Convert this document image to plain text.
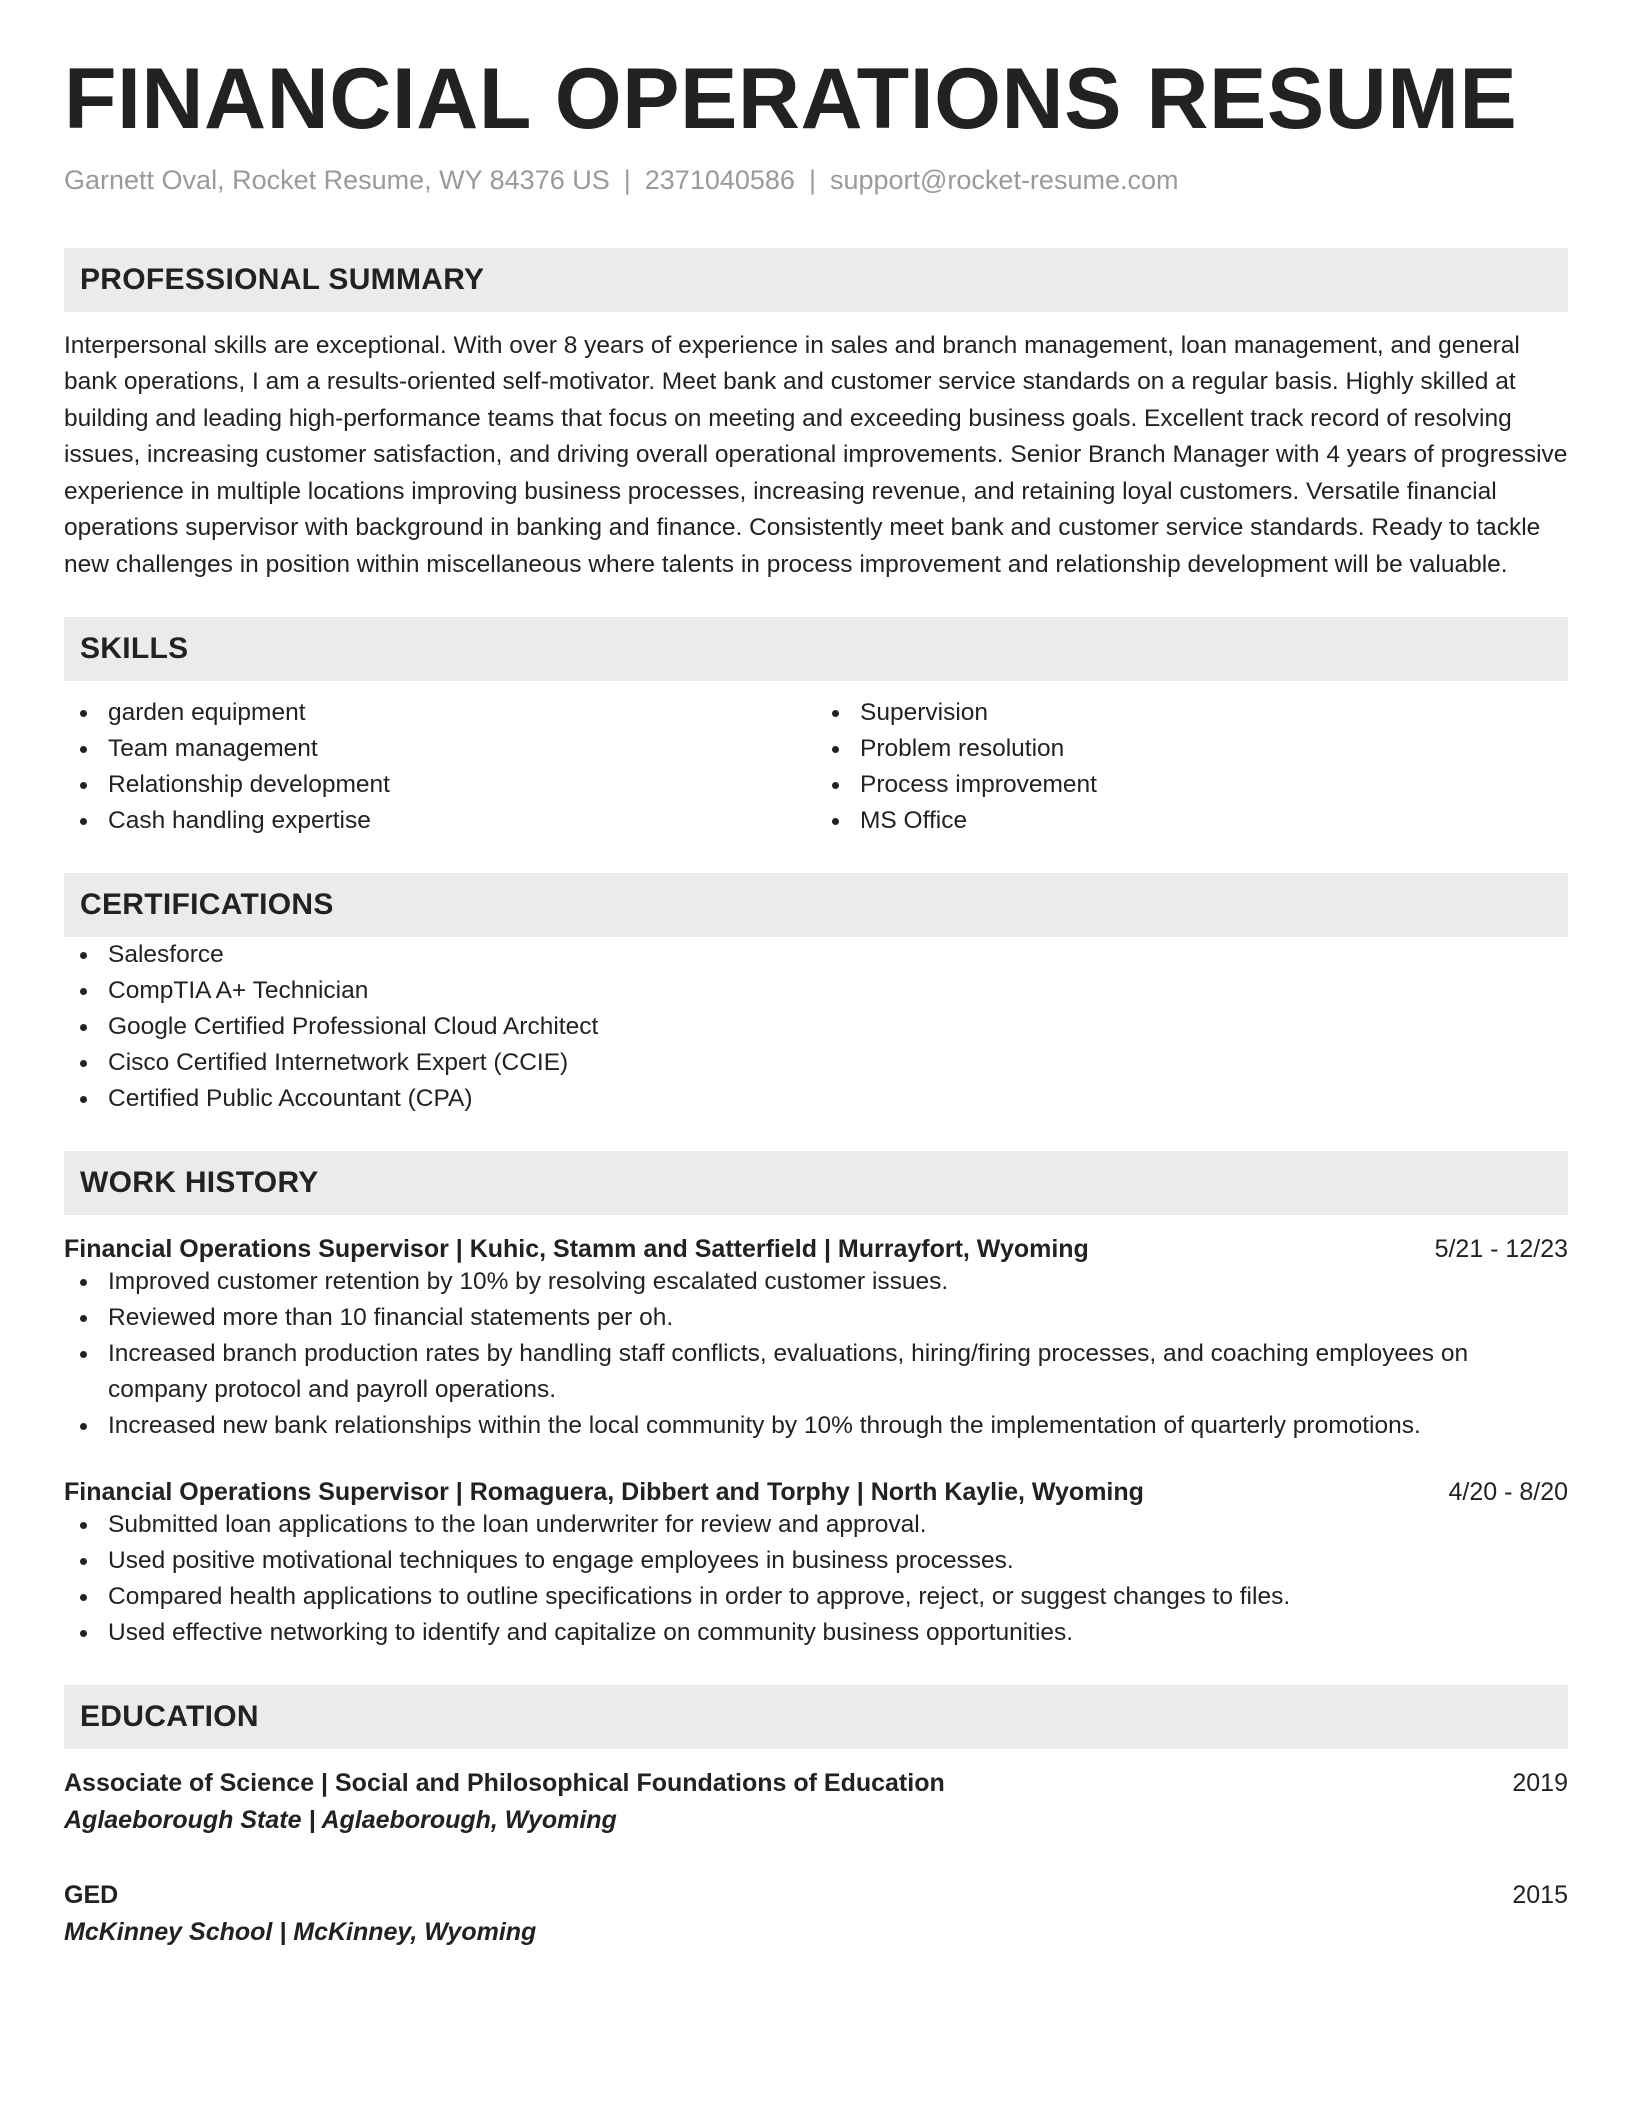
FINANCIAL OPERATIONS RESUME
Garnett Oval, Rocket Resume, WY 84376 US | 2371040586 | support@rocket-resume.com
PROFESSIONAL SUMMARY
Interpersonal skills are exceptional. With over 8 years of experience in sales and branch management, loan management, and general bank operations, I am a results-oriented self-motivator. Meet bank and customer service standards on a regular basis. Highly skilled at building and leading high-performance teams that focus on meeting and exceeding business goals. Excellent track record of resolving issues, increasing customer satisfaction, and driving overall operational improvements. Senior Branch Manager with 4 years of progressive experience in multiple locations improving business processes, increasing revenue, and retaining loyal customers. Versatile financial operations supervisor with background in banking and finance. Consistently meet bank and customer service standards. Ready to tackle new challenges in position within miscellaneous where talents in process improvement and relationship development will be valuable.
SKILLS
garden equipment
Team management
Relationship development
Cash handling expertise
Supervision
Problem resolution
Process improvement
MS Office
CERTIFICATIONS
Salesforce
CompTIA A+ Technician
Google Certified Professional Cloud Architect
Cisco Certified Internetwork Expert (CCIE)
Certified Public Accountant (CPA)
WORK HISTORY
Financial Operations Supervisor | Kuhic, Stamm and Satterfield | Murrayfort, Wyoming	5/21 - 12/23
Improved customer retention by 10% by resolving escalated customer issues.
Reviewed more than 10 financial statements per oh.
Increased branch production rates by handling staff conflicts, evaluations, hiring/firing processes, and coaching employees on company protocol and payroll operations.
Increased new bank relationships within the local community by 10% through the implementation of quarterly promotions.
Financial Operations Supervisor | Romaguera, Dibbert and Torphy | North Kaylie, Wyoming	4/20 - 8/20
Submitted loan applications to the loan underwriter for review and approval.
Used positive motivational techniques to engage employees in business processes.
Compared health applications to outline specifications in order to approve, reject, or suggest changes to files.
Used effective networking to identify and capitalize on community business opportunities.
EDUCATION
Associate of Science | Social and Philosophical Foundations of Education	2019
Aglaeborough State | Aglaeborough, Wyoming
GED	2015
McKinney School | McKinney, Wyoming
